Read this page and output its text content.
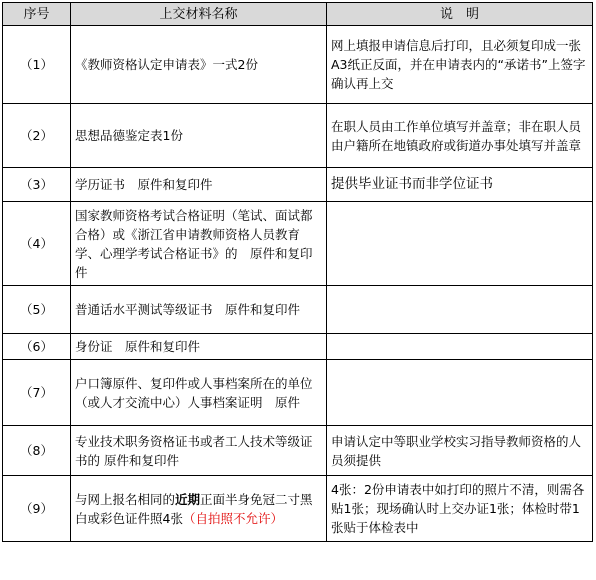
序号	上交材料名称	说　明
（1）	《教师资格认定申请表》一式2份	网上填报申请信息后打印，且必须复印成一张A3纸正反面，并在申请表内的“承诺书”上签字确认再上交
（2）	思想品德鉴定表1份	在职人员由工作单位填写并盖章；非在职人员由户籍所在地镇政府或街道办事处填写并盖章
（3）	学历证书　原件和复印件	提供毕业证书而非学位证书
（4）	国家教师资格考试合格证明（笔试、面试都合格）或《浙江省申请教师资格人员教育学、心理学考试合格证书》的　原件和复印件	
（5）	普通话水平测试等级证书　原件和复印件	
（6）	身份证　原件和复印件	
（7）	户口簿原件、复印件或人事档案所在的单位（或人才交流中心）人事档案证明　原件	
（8）	专业技术职务资格证书或者工人技术等级证书的 原件和复印件	申请认定中等职业学校实习指导教师资格的人员须提供
（9）	与网上报名相同的近期正面半身免冠二寸黑白或彩色证件照4张（自拍照不允许）	4张：2份申请表中如打印的照片不清，则需各贴1张；现场确认时上交办证1张；体检时带1张贴于体检表中
